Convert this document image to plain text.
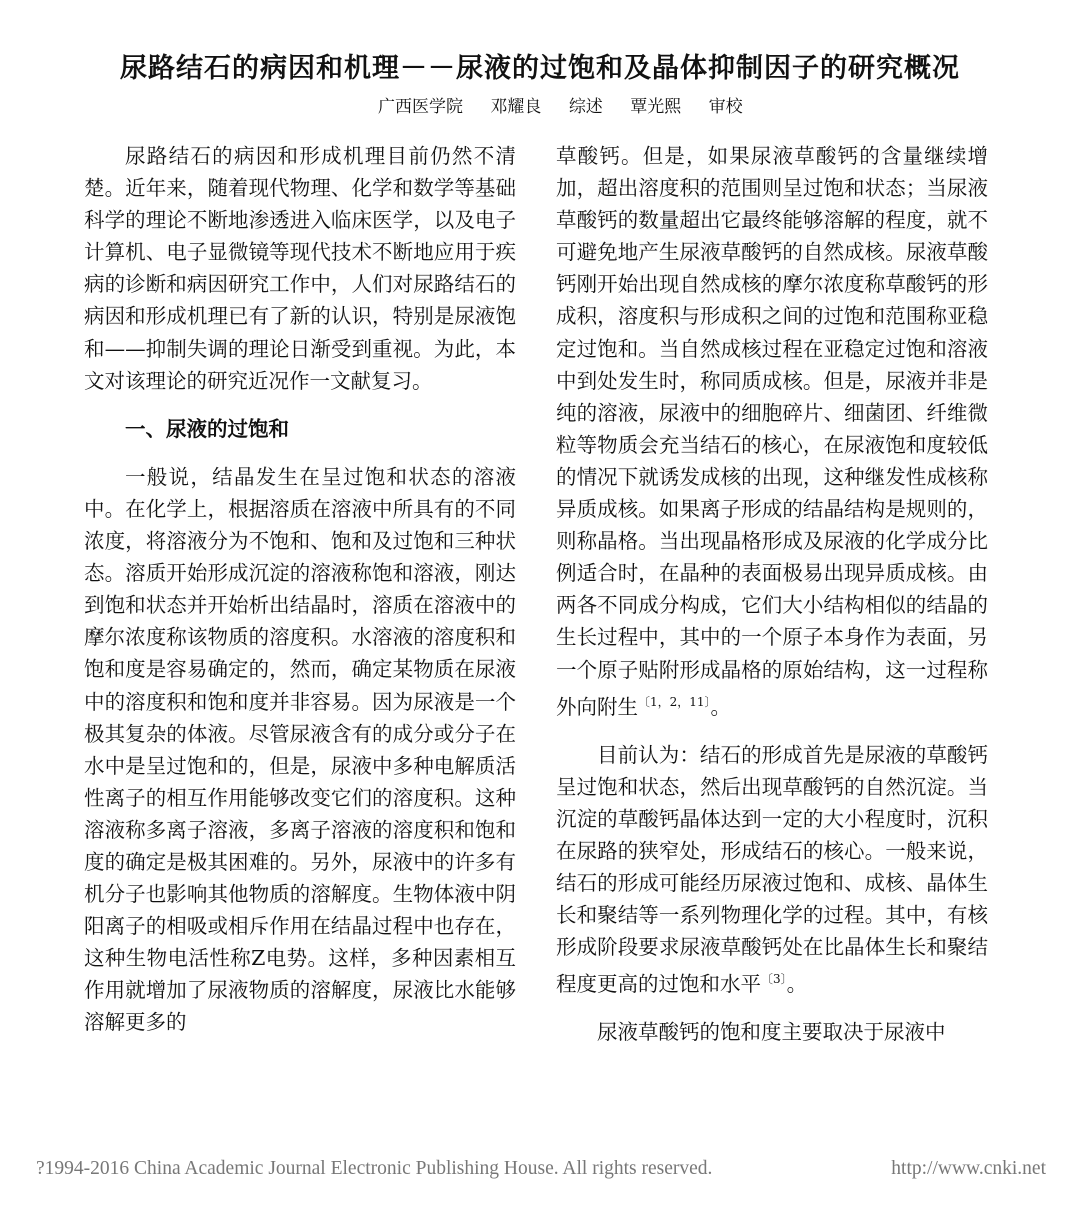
尿路结石的病因和机理－－尿液的过饱和及晶体抑制因子的研究概况
广西医学院 邓耀良 综述 覃光熙 审校

尿路结石的病因和形成机理目前仍然不清楚。近年来，随着现代物理、化学和数学等基础科学的理论不断地渗透进入临床医学，以及电子计算机、电子显微镜等现代技术不断地应用于疾病的诊断和病因研究工作中，人们对尿路结石的病因和形成机理已有了新的认识，特别是尿液饱和——抑制失调的理论日渐受到重视。为此，本文对该理论的研究近况作一文献复习。

一、尿液的过饱和

一般说，结晶发生在呈过饱和状态的溶液中。在化学上，根据溶质在溶液中所具有的不同浓度，将溶液分为不饱和、饱和及过饱和三种状态。溶质开始形成沉淀的溶液称饱和溶液，刚达到饱和状态并开始析出结晶时，溶质在溶液中的摩尔浓度称该物质的溶度积。水溶液的溶度积和饱和度是容易确定的，然而，确定某物质在尿液中的溶度积和饱和度并非容易。因为尿液是一个极其复杂的体液。尽管尿液含有的成分或分子在水中是呈过饱和的，但是，尿液中多种电解质活性离子的相互作用能够改变它们的溶度积。这种溶液称多离子溶液，多离子溶液的溶度积和饱和度的确定是极其困难的。另外，尿液中的许多有机分子也影响其他物质的溶解度。生物体液中阴阳离子的相吸或相斥作用在结晶过程中也存在，这种生物电活性称Z电势。这样，多种因素相互作用就增加了尿液物质的溶解度，尿液比水能够溶解更多的

草酸钙。但是，如果尿液草酸钙的含量继续增加，超出溶度积的范围则呈过饱和状态；当尿液草酸钙的数量超出它最终能够溶解的程度，就不可避免地产生尿液草酸钙的自然成核。尿液草酸钙刚开始出现自然成核的摩尔浓度称草酸钙的形成积，溶度积与形成积之间的过饱和范围称亚稳定过饱和。当自然成核过程在亚稳定过饱和溶液中到处发生时，称同质成核。但是，尿液并非是纯的溶液，尿液中的细胞碎片、细菌团、纤维微粒等物质会充当结石的核心，在尿液饱和度较低的情况下就诱发成核的出现，这种继发性成核称异质成核。如果离子形成的结晶结构是规则的，则称晶格。当出现晶格形成及尿液的化学成分比例适合时，在晶种的表面极易出现异质成核。由两各不同成分构成，它们大小结构相似的结晶的生长过程中，其中的一个原子本身作为表面，另一个原子贴附形成晶格的原始结构，这一过程称外向附生$^{〔1,2,11〕}$。

目前认为：结石的形成首先是尿液的草酸钙呈过饱和状态，然后出现草酸钙的自然沉淀。当沉淀的草酸钙晶体达到一定的大小程度时，沉积在尿路的狭窄处，形成结石的核心。一般来说，结石的形成可能经历尿液过饱和、成核、晶体生长和聚结等一系列物理化学的过程。其中，有核形成阶段要求尿液草酸钙处在比晶体生长和聚结程度更高的过饱和水平$^{〔3〕}$。

尿液草酸钙的饱和度主要取决于尿液中

?1994-2016 China Academic Journal Electronic Publishing House. All rights reserved.	http://www.cnki.net
